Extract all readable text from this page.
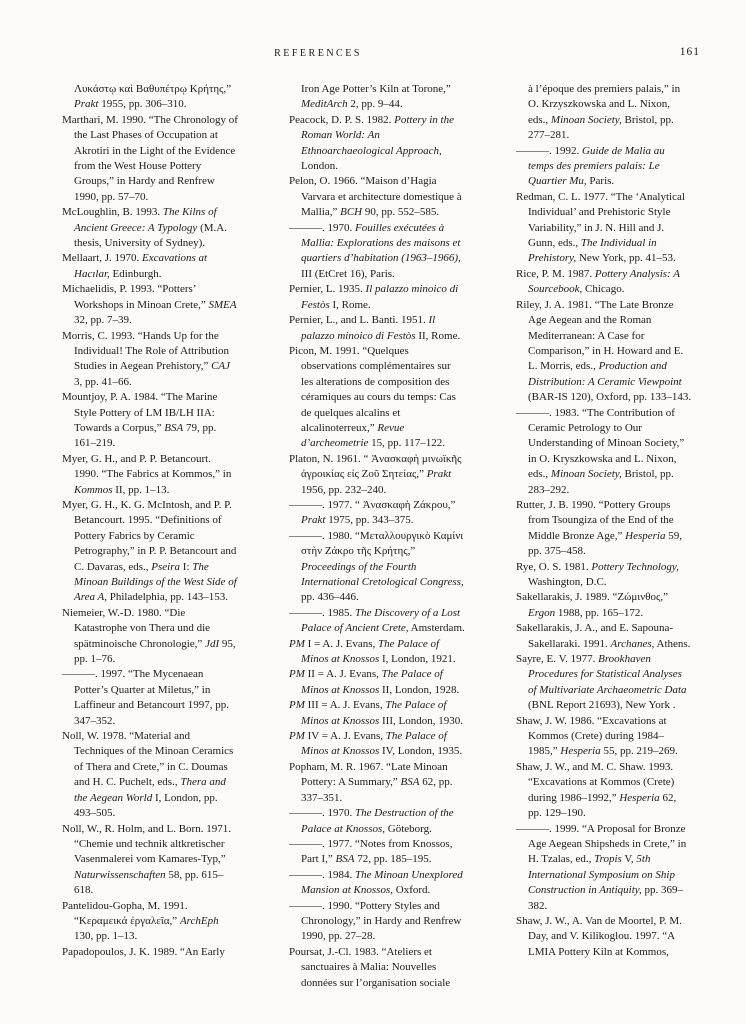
REFERENCES	161

Λυκάστῳ καὶ Βαθυπέτρῳ Κρήτης,” Prakt 1955, pp. 306–310.

Marthari, M. 1990. “The Chronology of the Last Phases of Occupation at Akrotiri in the Light of the Evidence from the West House Pottery Groups,” in Hardy and Renfrew 1990, pp. 57–70.

McLoughlin, B. 1993. The Kilns of Ancient Greece: A Typology (M.A. thesis, University of Sydney).

Mellaart, J. 1970. Excavations at Hacılar, Edinburgh.

Michaelidis, P. 1993. “Potters’ Workshops in Minoan Crete,” SMEA 32, pp. 7–39.

Morris, C. 1993. “Hands Up for the Individual! The Role of Attribution Studies in Aegean Prehistory,” CAJ 3, pp. 41–66.

Mountjoy, P. A. 1984. “The Marine Style Pottery of LM IB/LH IIA: Towards a Corpus,” BSA 79, pp. 161–219.

Myer, G. H., and P. P. Betancourt. 1990. “The Fabrics at Kommos,” in Kommos II, pp. 1–13.

Myer, G. H., K. G. McIntosh, and P. P. Betancourt. 1995. “Definitions of Pottery Fabrics by Ceramic Petrography,” in P. P. Betancourt and C. Davaras, eds., Pseira I: The Minoan Buildings of the West Side of Area A, Philadelphia, pp. 143–153.

Niemeier, W.-D. 1980. “Die Katastrophe von Thera und die spätminoische Chronologie,” JdI 95, pp. 1–76.

———. 1997. “The Mycenaean Potter’s Quarter at Miletus,” in Laffineur and Betancourt 1997, pp. 347–352.

Noll, W. 1978. “Material and Techniques of the Minoan Ceramics of Thera and Crete,” in C. Doumas and H. C. Puchelt, eds., Thera and the Aegean World I, London, pp. 493–505.

Noll, W., R. Holm, and L. Born. 1971. “Chemie und technik altkretischer Vasenmalerei vom Kamares-Typ,” Naturwissenschaften 58, pp. 615–618.

Pantelidou-Gopha, M. 1991. “Κεραμεικά ἐργαλεῖα,” ArchEph 130, pp. 1–13.

Papadopoulos, J. K. 1989. “An Early

Iron Age Potter’s Kiln at Torone,” MeditArch 2, pp. 9–44.

Peacock, D. P. S. 1982. Pottery in the Roman World: An Ethnoarchaeological Approach, London.

Pelon, O. 1966. “Maison d’Hagia Varvara et architecture domestique à Mallia,” BCH 90, pp. 552–585.

———. 1970. Fouilles exécutées à Mallia: Explorations des maisons et quartiers d’habitation (1963–1966), III (EtCret 16), Paris.

Pernier, L. 1935. Il palazzo minoico di Festòs I, Rome.

Pernier, L., and L. Banti. 1951. Il palazzo minoico di Festòs II, Rome.

Picon, M. 1991. “Quelques observations complémentaires sur les alterations de composition des céramiques au cours du temps: Cas de quelques alcalins et alcalinoterreux,” Revue d’archeometrie 15, pp. 117–122.

Platon, N. 1961. “ Ἀνασκαφὴ μινωϊκῆς ἀγροικίας εἰς Ζοῦ Σητείας,” Prakt 1956, pp. 232–240.

———. 1977. “ Ἀνασκαφὴ Ζάκρου,” Prakt 1975, pp. 343–375.

———. 1980. “Μεταλλουργικὸ Καμίνι στὴν Ζάκρο τῆς Κρήτης,” Proceedings of the Fourth International Cretological Congress, pp. 436–446.

———. 1985. The Discovery of a Lost Palace of Ancient Crete, Amsterdam.

PM I = A. J. Evans, The Palace of Minos at Knossos I, London, 1921.

PM II = A. J. Evans, The Palace of Minos at Knossos II, London, 1928.

PM III = A. J. Evans, The Palace of Minos at Knossos III, London, 1930.

PM IV = A. J. Evans, The Palace of Minos at Knossos IV, London, 1935.

Popham, M. R. 1967. “Late Minoan Pottery: A Summary,” BSA 62, pp. 337–351.

———. 1970. The Destruction of the Palace at Knossos, Göteborg.

———. 1977. “Notes from Knossos, Part I,” BSA 72, pp. 185–195.

———. 1984. The Minoan Unexplored Mansion at Knossos, Oxford.

———. 1990. “Pottery Styles and Chronology,” in Hardy and Renfrew 1990, pp. 27–28.

Poursat, J.-Cl. 1983. “Ateliers et sanctuaires à Malia: Nouvelles données sur l’organisation sociale

à l’époque des premiers palais,” in O. Krzyszkowska and L. Nixon, eds., Minoan Society, Bristol, pp. 277–281.

———. 1992. Guide de Malia au temps des premiers palais: Le Quartier Mu, Paris.

Redman, C. L. 1977. “The ‘Analytical Individual’ and Prehistoric Style Variability,” in J. N. Hill and J. Gunn, eds., The Individual in Prehistory, New York, pp. 41–53.

Rice, P. M. 1987. Pottery Analysis: A Sourcebook, Chicago.

Riley, J. A. 1981. “The Late Bronze Age Aegean and the Roman Mediterranean: A Case for Comparison,” in H. Howard and E. L. Morris, eds., Production and Distribution: A Ceramic Viewpoint (BAR-IS 120), Oxford, pp. 133–143.

———. 1983. “The Contribution of Ceramic Petrology to Our Understanding of Minoan Society,” in O. Kryszkowska and L. Nixon, eds., Minoan Society, Bristol, pp. 283–292.

Rutter, J. B. 1990. “Pottery Groups from Tsoungiza of the End of the Middle Bronze Age,” Hesperia 59, pp. 375–458.

Rye, O. S. 1981. Pottery Technology, Washington, D.C.

Sakellarakis, J. 1989. “Ζώμινθος,” Ergon 1988, pp. 165–172.

Sakellarakis, J. A., and E. Sapouna-Sakellaraki. 1991. Archanes, Athens.

Sayre, E. V. 1977. Brookhaven Procedures for Statistical Analyses of Multivariate Archaeometric Data (BNL Report 21693), New York .

Shaw, J. W. 1986. “Excavations at Kommos (Crete) during 1984–1985,” Hesperia 55, pp. 219–269.

Shaw, J. W., and M. C. Shaw. 1993. “Excavations at Kommos (Crete) during 1986–1992,” Hesperia 62, pp. 129–190.

———. 1999. “A Proposal for Bronze Age Aegean Shipsheds in Crete,” in H. Tzalas, ed., Tropis V, 5th International Symposium on Ship Construction in Antiquity, pp. 369–382.

Shaw, J. W., A. Van de Moortel, P. M. Day, and V. Kilikoglou. 1997. “A LMIA Pottery Kiln at Kommos,
